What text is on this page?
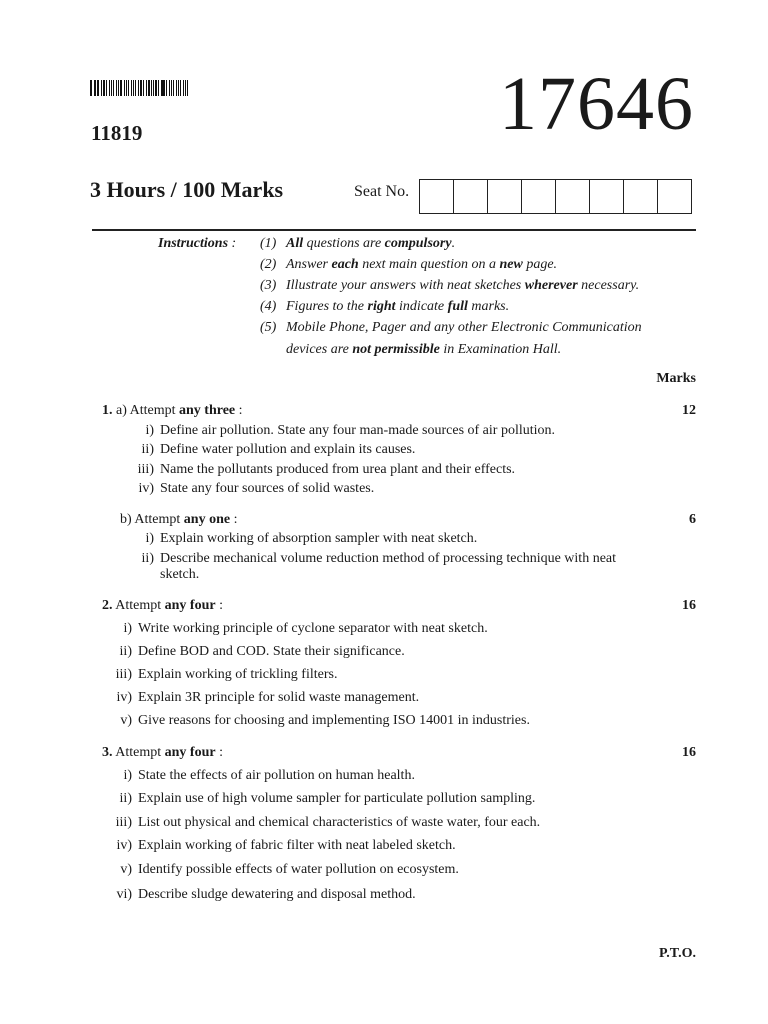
11819	17646
3 Hours / 100 Marks	Seat No.
Instructions : (1) All questions are compulsory.
(2) Answer each next main question on a new page.
(3) Illustrate your answers with neat sketches wherever necessary.
(4) Figures to the right indicate full marks.
(5) Mobile Phone, Pager and any other Electronic Communication
devices are not permissible in Examination Hall.
Marks
1. a) Attempt any three :	12
i) Define air pollution. State any four man-made sources of air pollution.
ii) Define water pollution and explain its causes.
iii) Name the pollutants produced from urea plant and their effects.
iv) State any four sources of solid wastes.
b) Attempt any one :	6
i) Explain working of absorption sampler with neat sketch.
ii) Describe mechanical volume reduction method of processing technique with neat
sketch.
2. Attempt any four :	16
i) Write working principle of cyclone separator with neat sketch.
ii) Define BOD and COD. State their significance.
iii) Explain working of trickling filters.
iv) Explain 3R principle for solid waste management.
v) Give reasons for choosing and implementing ISO 14001 in industries.
3. Attempt any four :	16
i) State the effects of air pollution on human health.
ii) Explain use of high volume sampler for particulate pollution sampling.
iii) List out physical and chemical characteristics of waste water, four each.
iv) Explain working of fabric filter with neat labeled sketch.
v) Identify possible effects of water pollution on ecosystem.
vi) Describe sludge dewatering and disposal method.
P.T.O.
